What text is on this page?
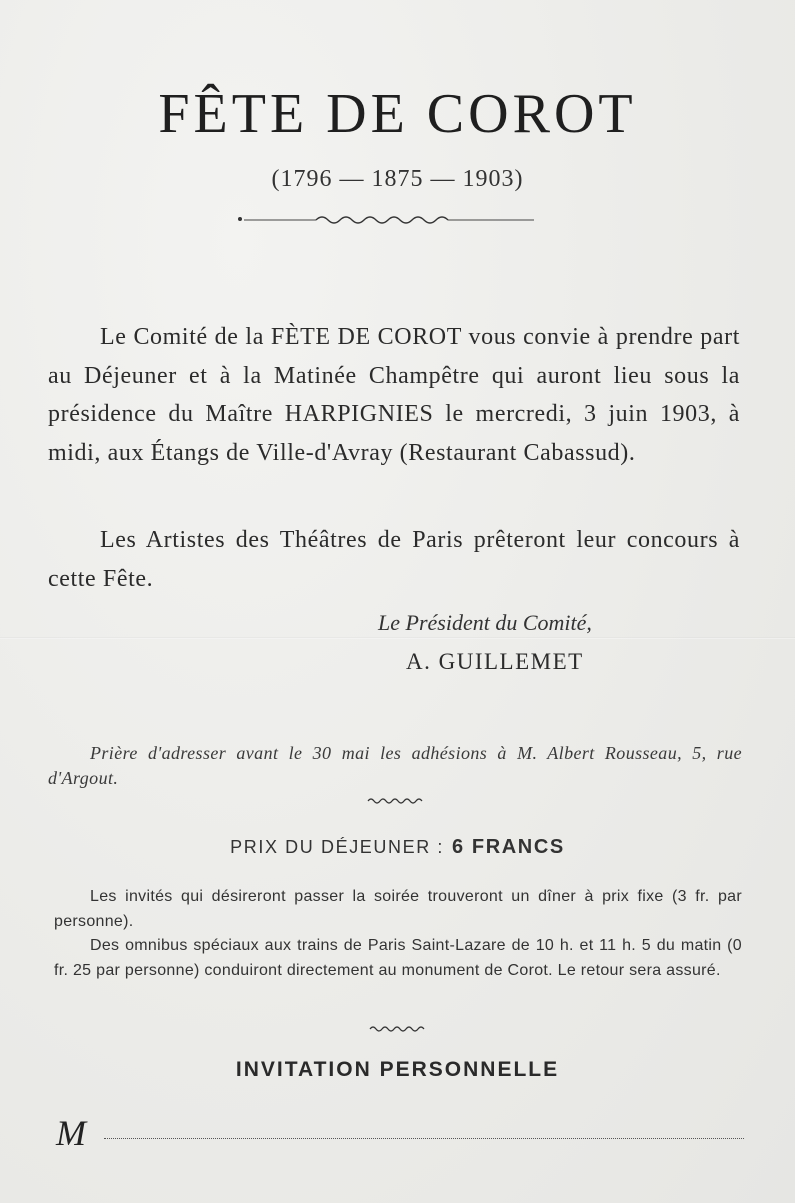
FÊTE DE COROT
(1796 — 1875 — 1903)
Le Comité de la FÈTE DE COROT vous convie à prendre part au Déjeuner et à la Matinée Champêtre qui auront lieu sous la présidence du Maître HARPIGNIES le mercredi, 3 juin 1903, à midi, aux Étangs de Ville-d'Avray (Restaurant Cabassud).
Les Artistes des Théâtres de Paris prêteront leur concours à cette Fête.
Le Président du Comité,
A. GUILLEMET
Prière d'adresser avant le 30 mai les adhésions à M. Albert Rousseau, 5, rue d'Argout.
PRIX DU DÉJEUNER : 6 FRANCS
Les invités qui désireront passer la soirée trouveront un dîner à prix fixe (3 fr. par personne).
Des omnibus spéciaux aux trains de Paris Saint-Lazare de 10 h. et 11 h. 5 du matin (0 fr. 25 par personne) conduiront directement au monument de Corot. Le retour sera assuré.
INVITATION PERSONNELLE
M
